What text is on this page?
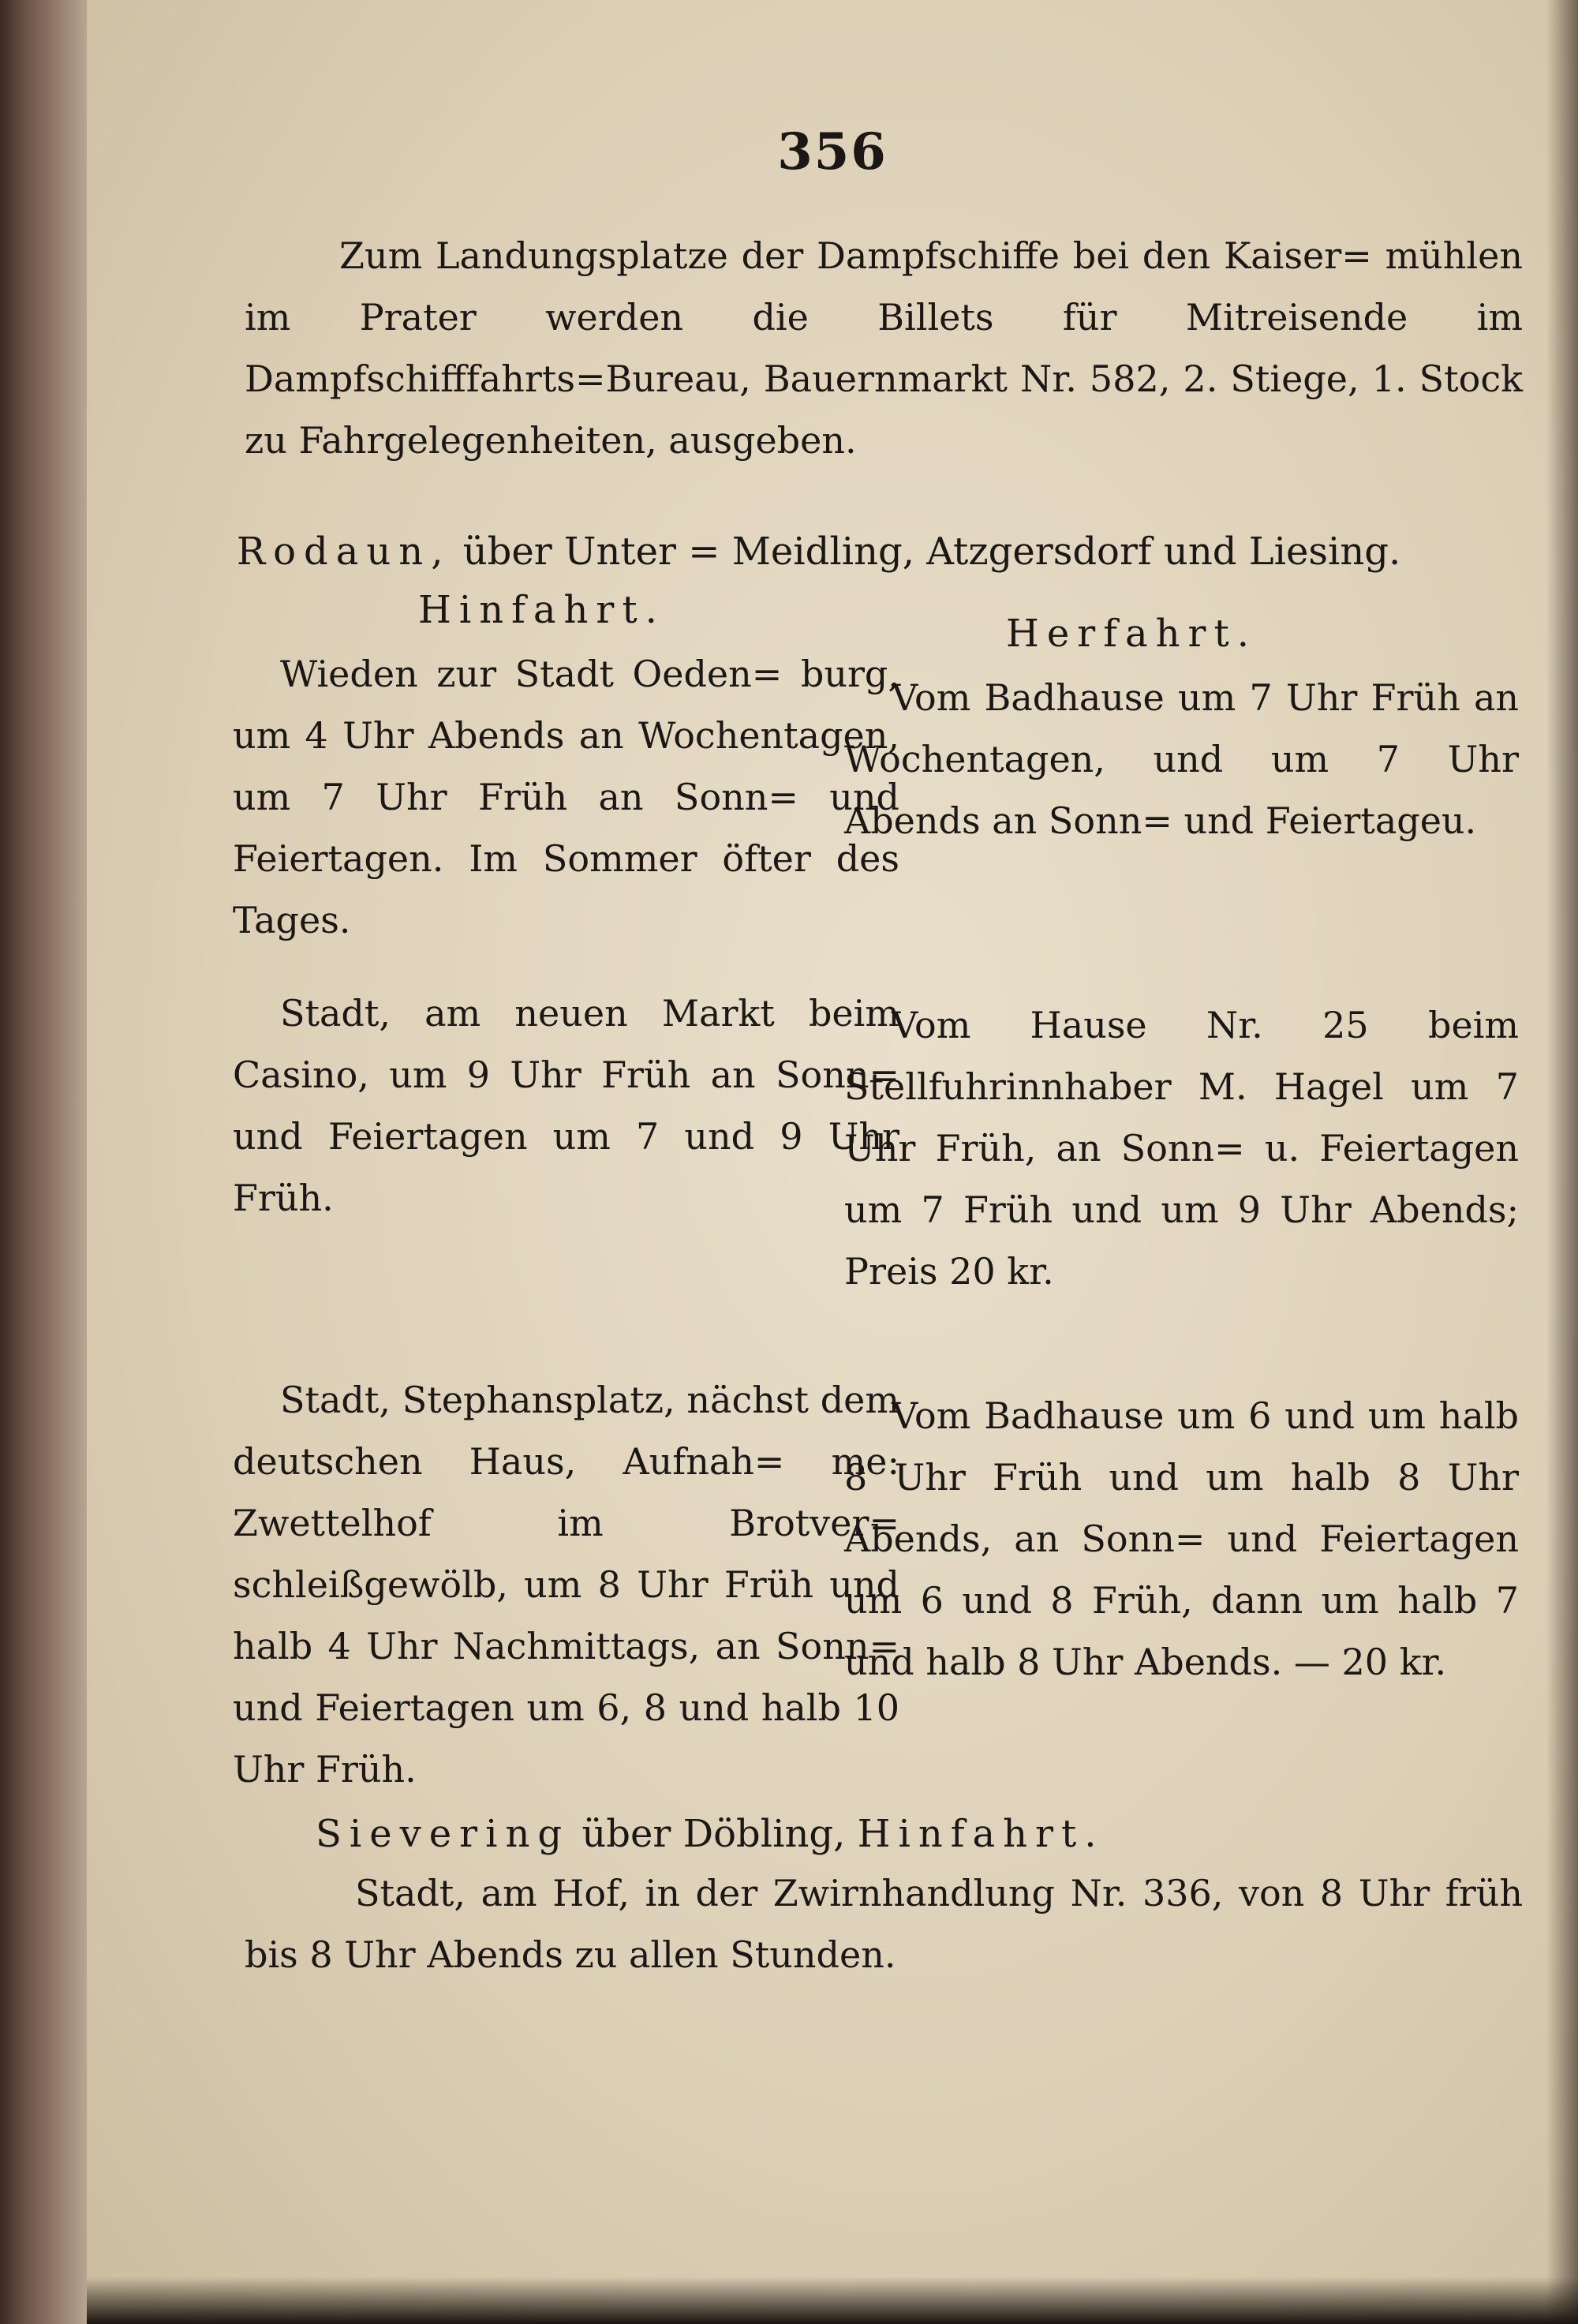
356
Zum Landungsplatze der Dampfschiffe bei den Kaiser= mühlen im Prater werden die Billets für Mitreisende im Dampfschifffahrts=Bureau, Bauernmarkt Nr. 582, 2. Stiege, 1. Stock zu Fahrgelegenheiten, ausgeben.
Rodaun, über Unter = Meidling, Atzgersdorf und Liesing.
Hinfahrt.
Herfahrt.

Wieden zur Stadt Oeden= burg, um 4 Uhr Abends an Wochentagen, um 7 Uhr Früh an Sonn= und Feiertagen. Im Sommer öfter des Tages.

Vom Badhause um 7 Uhr Früh an Wochentagen, und um 7 Uhr Abends an Sonn= und Feiertageu.

Stadt, am neuen Markt beim Casino, um 9 Uhr Früh an Sonn= und Feiertagen um 7 und 9 Uhr Früh.

Vom Hause Nr. 25 beim Stellfuhrinnhaber M. Hagel um 7 Uhr Früh, an Sonn= u. Feiertagen um 7 Früh und um 9 Uhr Abends; Preis 20 kr.

Stadt, Stephansplatz, nächst dem deutschen Haus, Aufnah= me: Zwettelhof im Brotver= schleißgewölb, um 8 Uhr Früh und halb 4 Uhr Nachmittags, an Sonn= und Feiertagen um 6, 8 und halb 10 Uhr Früh.

Vom Badhause um 6 und um halb 8 Uhr Früh und um halb 8 Uhr Abends, an Sonn= und Feiertagen um 6 und 8 Früh, dann um halb 7 und halb 8 Uhr Abends. — 20 kr.

Sievering über Döbling, Hinfahrt.
Stadt, am Hof, in der Zwirnhandlung Nr. 336, von 8 Uhr früh bis 8 Uhr Abends zu allen Stunden.
